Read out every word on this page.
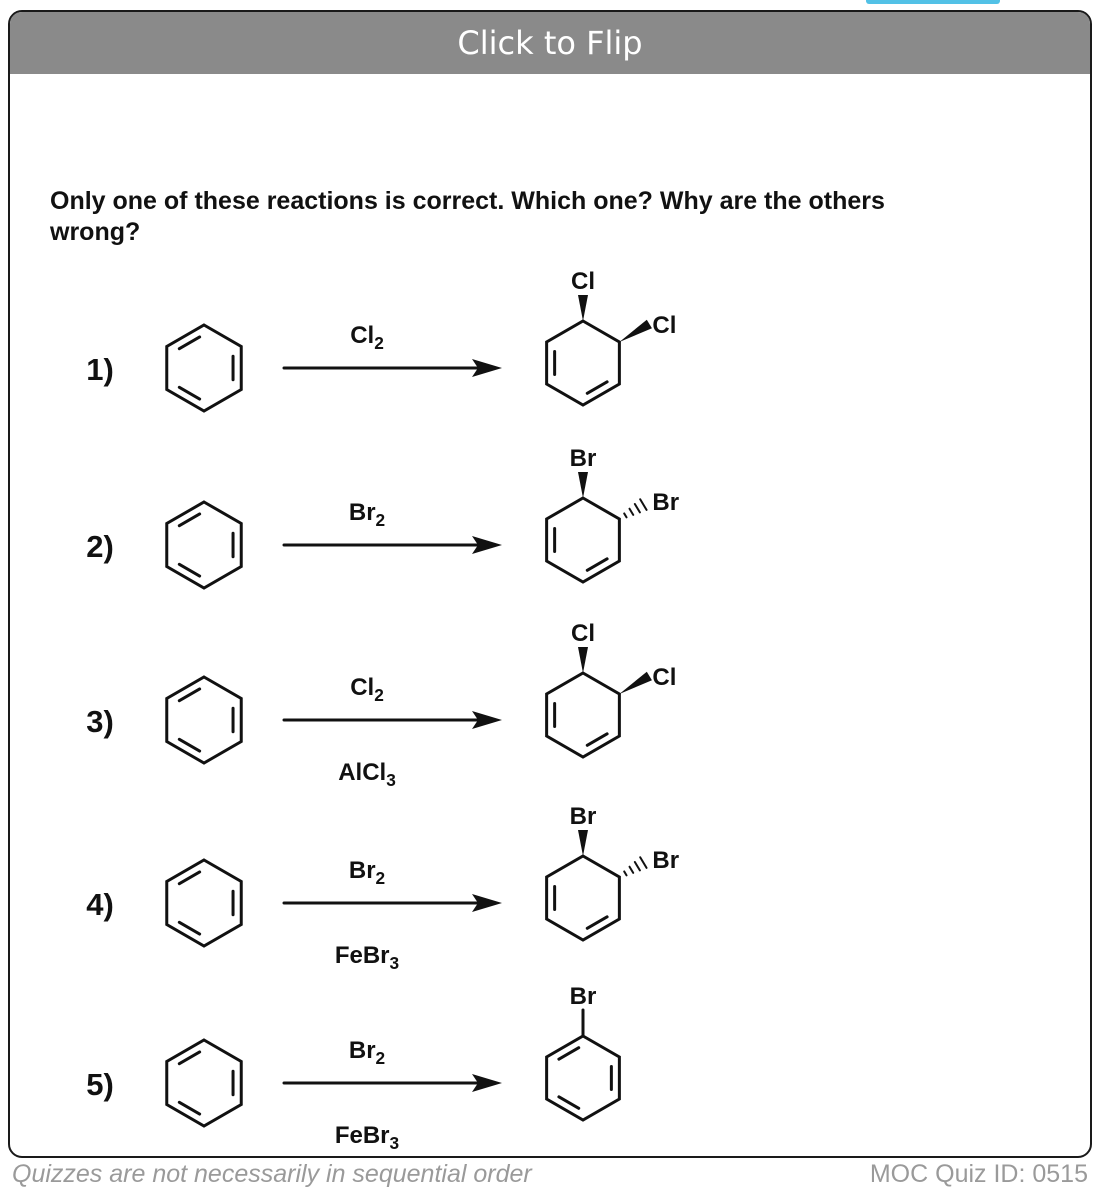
Click to Flip
Only one of these reactions is correct. Which one? Why are the others wrong?
1)
Cl
Cl
$Cl_2$
2)
Br
Br
$Br_2$
3)
Cl
Cl
$Cl_2$
AlCl$_3$
4)
Br
Br
$Br_2$
FeBr$_3$
5)
Br
$Br_2$
FeBr$_3$
Quizzes are not necessarily in sequential order	MOC Quiz ID: 0515
